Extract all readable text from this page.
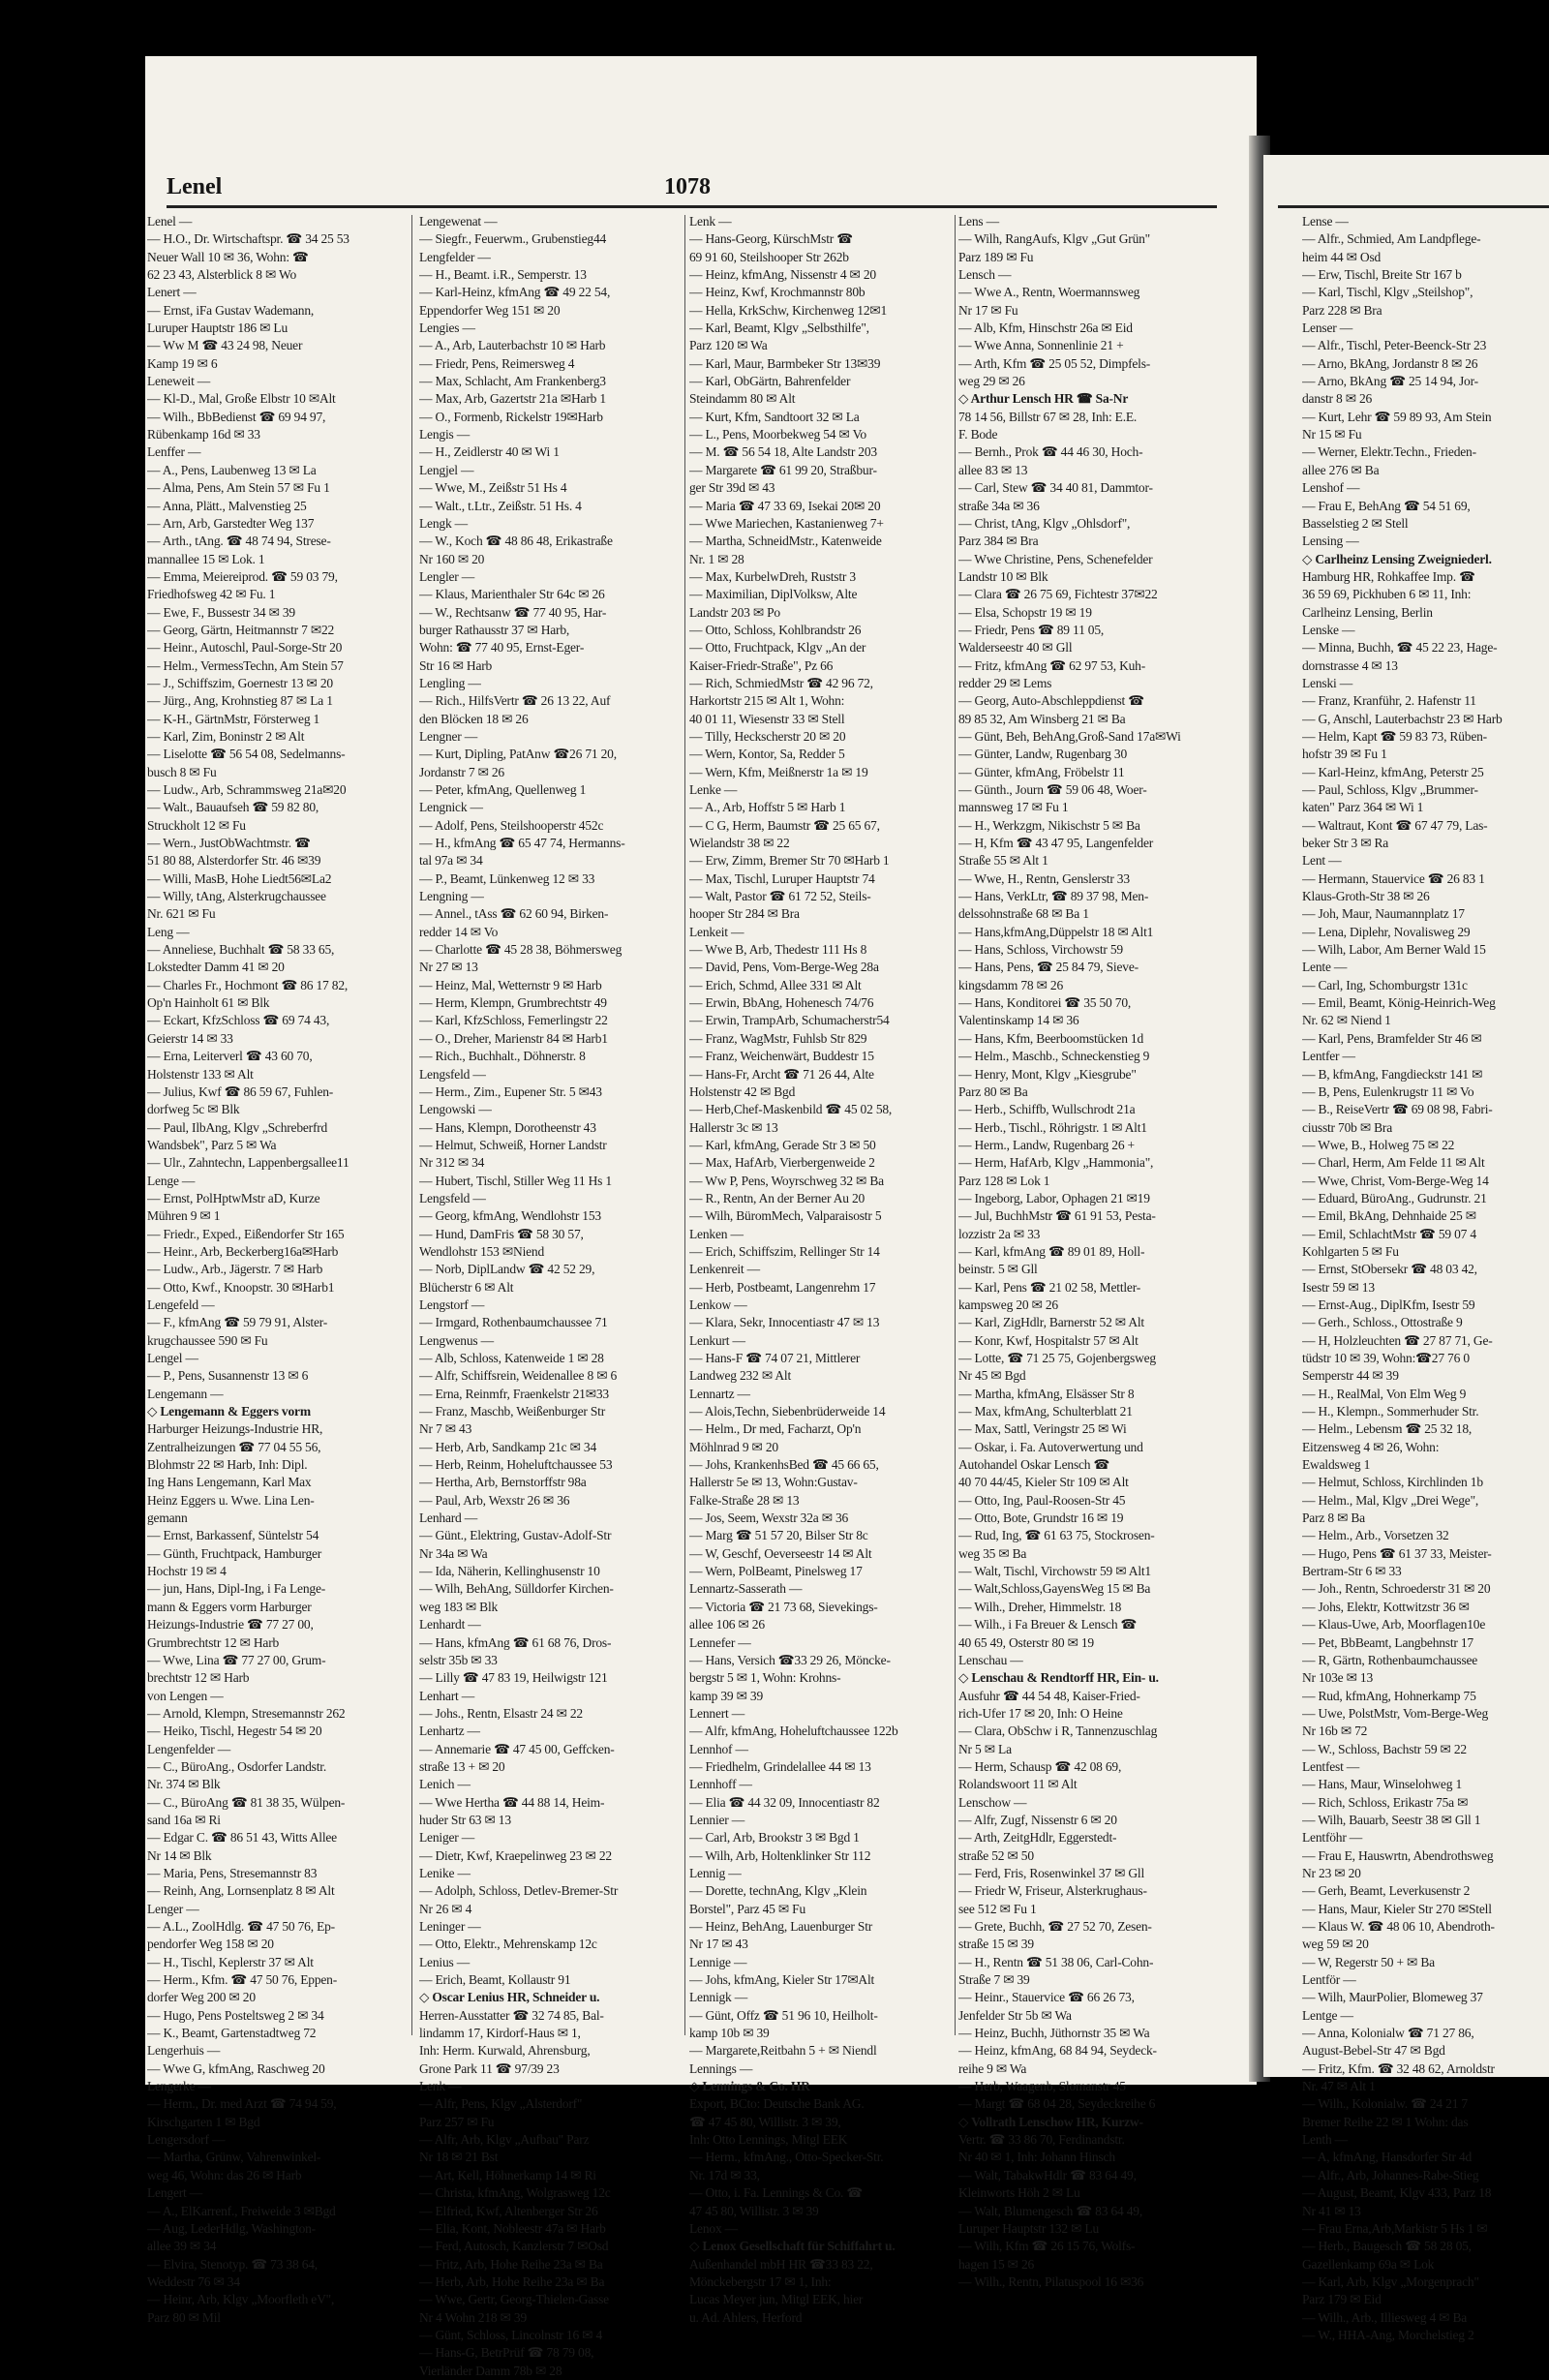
Lenel	1078
Lenel —
— H.O., Dr. Wirtschaftspr. ☎ 34 25 53
Neuer Wall 10 ✉ 36, Wohn: ☎
62 23 43, Alsterblick 8 ✉ Wo
Lenert —
— Ernst, iFa Gustav Wademann,
Luruper Hauptstr 186 ✉ Lu
— Ww M ☎ 43 24 98, Neuer
Kamp 19 ✉ 6
Leneweit —
— Kl-D., Mal, Große Elbstr 10 ✉Alt
— Wilh., BbBedienst ☎ 69 94 97,
Rübenkamp 16d ✉ 33
Lenffer —
— A., Pens, Laubenweg 13 ✉ La
— Alma, Pens, Am Stein 57 ✉ Fu 1
— Anna, Plätt., Malvenstieg 25
— Arn, Arb, Garstedter Weg 137
— Arth., tAng. ☎ 48 74 94, Strese-
mannallee 15 ✉ Lok. 1
— Emma, Meiereiprod. ☎ 59 03 79,
Friedhofsweg 42 ✉ Fu. 1
— Ewe, F., Bussestr 34 ✉ 39
— Georg, Gärtn, Heitmannstr 7 ✉22
— Heinr., Autoschl, Paul-Sorge-Str 20
— Helm., VermessTechn, Am Stein 57
— J., Schiffszim, Goernestr 13 ✉ 20
— Jürg., Ang, Krohnstieg 87 ✉ La 1
— K-H., GärtnMstr, Försterweg 1
— Karl, Zim, Boninstr 2 ✉ Alt
— Liselotte ☎ 56 54 08, Sedelmanns-
busch 8 ✉ Fu
— Ludw., Arb, Schrammsweg 21a✉20
— Walt., Bauaufseh ☎ 59 82 80,
Struckholt 12 ✉ Fu
— Wern., JustObWachtmstr. ☎
51 80 88, Alsterdorfer Str. 46 ✉39
— Willi, MasB, Hohe Liedt56✉La2
— Willy, tAng, Alsterkrugchaussee
Nr. 621 ✉ Fu
Leng —
— Anneliese, Buchhalt ☎ 58 33 65,
Lokstedter Damm 41 ✉ 20
— Charles Fr., Hochmont ☎ 86 17 82,
Op'n Hainholt 61 ✉ Blk
— Eckart, KfzSchloss ☎ 69 74 43,
Geierstr 14 ✉ 33
— Erna, Leiterverl ☎ 43 60 70,
Holstenstr 133 ✉ Alt
— Julius, Kwf ☎ 86 59 67, Fuhlen-
dorfweg 5c ✉ Blk
— Paul, IlbAng, Klgv „Schreberfrd
Wandsbek", Parz 5 ✉ Wa
— Ulr., Zahntechn, Lappenbergsallee11
Lenge —
— Ernst, PolHptwMstr aD, Kurze
Mühren 9 ✉ 1
— Friedr., Exped., Eißendorfer Str 165
— Heinr., Arb, Beckerberg16a✉Harb
— Ludw., Arb., Jägerstr. 7 ✉ Harb
— Otto, Kwf., Knoopstr. 30 ✉Harb1
Lengefeld —
— F., kfmAng ☎ 59 79 91, Alster-
krugchaussee 590 ✉ Fu
Lengel —
— P., Pens, Susannenstr 13 ✉ 6
Lengemann —
◇ Lengemann & Eggers vorm
Harburger Heizungs-Industrie HR,
Zentralheizungen ☎ 77 04 55 56,
Blohmstr 22 ✉ Harb, Inh: Dipl.
Ing Hans Lengemann, Karl Max
Heinz Eggers u. Wwe. Lina Len-
gemann
— Ernst, Barkassenf, Süntelstr 54
— Günth, Fruchtpack, Hamburger
Hochstr 19 ✉ 4
— jun, Hans, Dipl-Ing, i Fa Lenge-
mann & Eggers vorm Harburger
Heizungs-Industrie ☎ 77 27 00,
Grumbrechtstr 12 ✉ Harb
— Wwe, Lina ☎ 77 27 00, Grum-
brechtstr 12 ✉ Harb
von Lengen —
— Arnold, Klempn, Stresemannstr 262
— Heiko, Tischl, Hegestr 54 ✉ 20
Lengenfelder —
— C., BüroAng., Osdorfer Landstr.
Nr. 374 ✉ Blk
— C., BüroAng ☎ 81 38 35, Wülpen-
sand 16a ✉ Ri
— Edgar C. ☎ 86 51 43, Witts Allee
Nr 14 ✉ Blk
— Maria, Pens, Stresemannstr 83
— Reinh, Ang, Lornsenplatz 8 ✉ Alt
Lenger —
— A.L., ZoolHdlg. ☎ 47 50 76, Ep-
pendorfer Weg 158 ✉ 20
— H., Tischl, Keplerstr 37 ✉ Alt
— Herm., Kfm. ☎ 47 50 76, Eppen-
dorfer Weg 200 ✉ 20
— Hugo, Pens Posteltsweg 2 ✉ 34
— K., Beamt, Gartenstadtweg 72
Lengerhuis —
— Wwe G, kfmAng, Raschweg 20
Lengerke —
— Herm., Dr. med Arzt ☎ 74 94 59,
Kirschgarten 1 ✉ Bgd
Lengersdorf —
— Martha, Grünw, Vahrenwinkel-
weg 46, Wohn: das 26 ✉ Harb
Lengert —
— A., ElKarrenf., Freiweide 3 ✉Bgd
— Aug, LederHdlg, Washington-
allee 39 ✉ 34
— Elvira, Stenotyp. ☎ 73 38 64,
Weddestr 76 ✉ 34
— Heinr, Arb, Klgv „Moorfleth eV",
Parz 80 ✉ Mil
Lengewenat —
— Siegfr., Feuerwm., Grubenstieg44
Lengfelder —
— H., Beamt. i.R., Semperstr. 13
— Karl-Heinz, kfmAng ☎ 49 22 54,
Eppendorfer Weg 151 ✉ 20
Lengies —
— A., Arb, Lauterbachstr 10 ✉ Harb
— Friedr, Pens, Reimersweg 4
— Max, Schlacht, Am Frankenberg3
— Max, Arb, Gazertstr 21a ✉Harb 1
— O., Formenb, Rickelstr 19✉Harb
Lengis —
— H., Zeidlerstr 40 ✉ Wi 1
Lengjel —
— Wwe, M., Zeißstr 51 Hs 4
— Walt., t.Ltr., Zeißstr. 51 Hs. 4
Lengk —
— W., Koch ☎ 48 86 48, Erikastraße
Nr 160 ✉ 20
Lengler —
— Klaus, Marienthaler Str 64c ✉ 26
— W., Rechtsanw ☎ 77 40 95, Har-
burger Rathausstr 37 ✉ Harb,
Wohn: ☎ 77 40 95, Ernst-Eger-
Str 16 ✉ Harb
Lengling —
— Rich., HilfsVertr ☎ 26 13 22, Auf
den Blöcken 18 ✉ 26
Lengner —
— Kurt, Dipling, PatAnw ☎26 71 20,
Jordanstr 7 ✉ 26
— Peter, kfmAng, Quellenweg 1
Lengnick —
— Adolf, Pens, Steilshooperstr 452c
— H., kfmAng ☎ 65 47 74, Hermanns-
tal 97a ✉ 34
— P., Beamt, Lünkenweg 12 ✉ 33
Lengning —
— Annel., tAss ☎ 62 60 94, Birken-
redder 14 ✉ Vo
— Charlotte ☎ 45 28 38, Böhmersweg
Nr 27 ✉ 13
— Heinz, Mal, Wetternstr 9 ✉ Harb
— Herm, Klempn, Grumbrechtstr 49
— Karl, KfzSchloss, Femerlingstr 22
— O., Dreher, Marienstr 84 ✉ Harb1
— Rich., Buchhalt., Döhnerstr. 8
Lengsfeld —
— Herm., Zim., Eupener Str. 5 ✉43
Lengowski —
— Hans, Klempn, Dorotheenstr 43
— Helmut, Schweiß, Horner Landstr
Nr 312 ✉ 34
— Hubert, Tischl, Stiller Weg 11 Hs 1
Lengsfeld —
— Georg, kfmAng, Wendlohstr 153
— Hund, DamFris ☎ 58 30 57,
Wendlohstr 153 ✉Niend
— Norb, DiplLandw ☎ 42 52 29,
Blücherstr 6 ✉ Alt
Lengstorf —
— Irmgard, Rothenbaumchaussee 71
Lengwenus —
— Alb, Schloss, Katenweide 1 ✉ 28
— Alfr, Schiffsrein, Weidenallee 8 ✉ 6
— Erna, Reinmfr, Fraenkelstr 21✉33
— Franz, Maschb, Weißenburger Str
Nr 7 ✉ 43
— Herb, Arb, Sandkamp 21c ✉ 34
— Herb, Reinm, Hoheluftchaussee 53
— Hertha, Arb, Bernstorffstr 98a
— Paul, Arb, Wexstr 26 ✉ 36
Lenhard —
— Günt., Elektring, Gustav-Adolf-Str
Nr 34a ✉ Wa
— Ida, Näherin, Kellinghusenstr 10
— Wilh, BehAng, Sülldorfer Kirchen-
weg 183 ✉ Blk
Lenhardt —
— Hans, kfmAng ☎ 61 68 76, Dros-
selstr 35b ✉ 33
— Lilly ☎ 47 83 19, Heilwigstr 121
Lenhart —
— Johs., Rentn, Elsastr 24 ✉ 22
Lenhartz —
— Annemarie ☎ 47 45 00, Geffcken-
straße 13 + ✉ 20
Lenich —
— Wwe Hertha ☎ 44 88 14, Heim-
huder Str 63 ✉ 13
Leniger —
— Dietr, Kwf, Kraepelinweg 23 ✉ 22
Lenike —
— Adolph, Schloss, Detlev-Bremer-Str
Nr 26 ✉ 4
Leninger —
— Otto, Elektr., Mehrenskamp 12c
Lenius —
— Erich, Beamt, Kollaustr 91
◇ Oscar Lenius HR, Schneider u.
Herren-Ausstatter ☎ 32 74 85, Bal-
lindamm 17, Kirdorf-Haus ✉ 1,
Inh: Herm. Kurwald, Ahrensburg,
Grone Park 11 ☎ 97/39 23
Lenk —
— Alfr, Pens, Klgv „Alsterdorf"
Parz 257 ✉ Fu
— Alfr, Arb, Klgv „Aufbau" Parz
Nr 18 ✉ 21 Bst
— Art, Kell, Höhnerkamp 14 ✉ Ri
— Christa, kfmAng, Wolgrasweg 12c
— Elfried, Kwf, Altenberger Str 26
— Elia, Kont, Nobleestr 47a ✉ Harb
— Ferd, Autosch, Kanzlerstr 7 ✉Osd
— Fritz, Arb, Hohe Reihe 23a ✉ Ba
— Herb, Arb, Hohe Reihe 23a ✉ Ba
— Wwe, Gertr, Georg-Thielen-Gasse
Nr 4 Wohn 218 ✉ 39
— Günt, Schloss, Lincolnstr 16 ✉ 4
— Hans-G, BetrPrüf ☎ 78 79 08,
Vierländer Damm 78b ✉ 28
Lenk —
— Hans-Georg, KürschMstr ☎
69 91 60, Steilshooper Str 262b
— Heinz, kfmAng, Nissenstr 4 ✉ 20
— Heinz, Kwf, Krochmannstr 80b
— Hella, KrkSchw, Kirchenweg 12✉1
— Karl, Beamt, Klgv „Selbsthilfe",
Parz 120 ✉ Wa
— Karl, Maur, Barmbeker Str 13✉39
— Karl, ObGärtn, Bahrenfelder
Steindamm 80 ✉ Alt
— Kurt, Kfm, Sandtoort 32 ✉ La
— L., Pens, Moorbekweg 54 ✉ Vo
— M. ☎ 56 54 18, Alte Landstr 203
— Margarete ☎ 61 99 20, Straßbur-
ger Str 39d ✉ 43
— Maria ☎ 47 33 69, Isekai 20✉ 20
— Wwe Mariechen, Kastanienweg 7+
— Martha, SchneidMstr., Katenweide
Nr. 1 ✉ 28
— Max, KurbelwDreh, Ruststr 3
— Maximilian, DiplVolksw, Alte
Landstr 203 ✉ Po
— Otto, Schloss, Kohlbrandstr 26
— Otto, Fruchtpack, Klgv „An der
Kaiser-Friedr-Straße", Pz 66
— Rich, SchmiedMstr ☎ 42 96 72,
Harkortstr 215 ✉ Alt 1, Wohn:
40 01 11, Wiesenstr 33 ✉ Stell
— Tilly, Heckscherstr 20 ✉ 20
— Wern, Kontor, Sa, Redder 5
— Wern, Kfm, Meißnerstr 1a ✉ 19
Lenke —
— A., Arb, Hoffstr 5 ✉ Harb 1
— C G, Herm, Baumstr ☎ 25 65 67,
Wielandstr 38 ✉ 22
— Erw, Zimm, Bremer Str 70 ✉Harb 1
— Max, Tischl, Luruper Hauptstr 74
— Walt, Pastor ☎ 61 72 52, Steils-
hooper Str 284 ✉ Bra
Lenkeit —
— Wwe B, Arb, Thedestr 111 Hs 8
— David, Pens, Vom-Berge-Weg 28a
— Erich, Schmd, Allee 331 ✉ Alt
— Erwin, BbAng, Hohenesch 74/76
— Erwin, TrampArb, Schumacherstr54
— Franz, WagMstr, Fuhlsb Str 829
— Franz, Weichenwärt, Buddestr 15
— Hans-Fr, Archt ☎ 71 26 44, Alte
Holstenstr 42 ✉ Bgd
— Herb,Chef-Maskenbild ☎ 45 02 58,
Hallerstr 3c ✉ 13
— Karl, kfmAng, Gerade Str 3 ✉ 50
— Max, HafArb, Vierbergenweide 2
— Ww P, Pens, Woyrschweg 32 ✉ Ba
— R., Rentn, An der Berner Au 20
— Wilh, BüromMech, Valparaisostr 5
Lenken —
— Erich, Schiffszim, Rellinger Str 14
Lenkenreit —
— Herb, Postbeamt, Langenrehm 17
Lenkow —
— Klara, Sekr, Innocentiastr 47 ✉ 13
Lenkurt —
— Hans-F ☎ 74 07 21, Mittlerer
Landweg 232 ✉ Alt
Lennartz —
— Alois,Techn, Siebenbrüderweide 14
— Helm., Dr med, Facharzt, Op'n
Möhlnrad 9 ✉ 20
— Johs, KrankenhsBed ☎ 45 66 65,
Hallerstr 5e ✉ 13, Wohn:Gustav-
Falke-Straße 28 ✉ 13
— Jos, Seem, Wexstr 32a ✉ 36
— Marg ☎ 51 57 20, Bilser Str 8c
— W, Geschf, Oeverseestr 14 ✉ Alt
— Wern, PolBeamt, Pinelsweg 17
Lennartz-Sasserath —
— Victoria ☎ 21 73 68, Sievekings-
allee 106 ✉ 26
Lennefer —
— Hans, Versich ☎33 29 26, Möncke-
bergstr 5 ✉ 1, Wohn: Krohns-
kamp 39 ✉ 39
Lennert —
— Alfr, kfmAng, Hoheluftchaussee 122b
Lennhof —
— Friedhelm, Grindelallee 44 ✉ 13
Lennhoff —
— Elia ☎ 44 32 09, Innocentiastr 82
Lennier —
— Carl, Arb, Brookstr 3 ✉ Bgd 1
— Wilh, Arb, Holtenklinker Str 112
Lennig —
— Dorette, technAng, Klgv „Klein
Borstel", Parz 45 ✉ Fu
— Heinz, BehAng, Lauenburger Str
Nr 17 ✉ 43
Lennige —
— Johs, kfmAng, Kieler Str 17✉Alt
Lennigk —
— Günt, Offz ☎ 51 96 10, Heilholt-
kamp 10b ✉ 39
— Margarete,Reitbahn 5 + ✉ Niendl
Lennings —
◇ Lennings & Co. HR
Export, BCto: Deutsche Bank AG.
☎ 47 45 80, Willistr. 3 ✉ 39,
Inh: Otto Lennings, Mitgl EEK
— Herm., kfmAng., Otto-Specker-Str.
Nr. 17d ✉ 33,
— Otto, i. Fa. Lennings & Co. ☎
47 45 80, Willistr. 3 ✉ 39
Lenox —
◇ Lenox Gesellschaft für Schiffahrt u.
Außenhandel mbH HR ☎33 83 22,
Mönckebergstr 17 ✉ 1, Inh:
Lucas Meyer jun, Mitgl EEK, hier
u. Ad. Ahlers, Herford
Lens —
— Wilh, RangAufs, Klgv „Gut Grün"
Parz 189 ✉ Fu
Lensch —
— Wwe A., Rentn, Woermannsweg
Nr 17 ✉ Fu
— Alb, Kfm, Hinschstr 26a ✉ Eid
— Wwe Anna, Sonnenlinie 21 +
— Arth, Kfm ☎ 25 05 52, Dimpfels-
weg 29 ✉ 26
◇ Arthur Lensch HR ☎ Sa-Nr
78 14 56, Billstr 67 ✉ 28, Inh: E.E.
F. Bode
— Bernh., Prok ☎ 44 46 30, Hoch-
allee 83 ✉ 13
— Carl, Stew ☎ 34 40 81, Dammtor-
straße 34a ✉ 36
— Christ, tAng, Klgv „Ohlsdorf",
Parz 384 ✉ Bra
— Wwe Christine, Pens, Schenefelder
Landstr 10 ✉ Blk
— Clara ☎ 26 75 69, Fichtestr 37✉22
— Elsa, Schopstr 19 ✉ 19
— Friedr, Pens ☎ 89 11 05,
Walderseestr 40 ✉ Gll
— Fritz, kfmAng ☎ 62 97 53, Kuh-
redder 29 ✉ Lems
— Georg, Auto-Abschleppdienst ☎
89 85 32, Am Winsberg 21 ✉ Ba
— Günt, Beh, BehAng,Groß-Sand 17a✉Wi
— Günter, Landw, Rugenbarg 30
— Günter, kfmAng, Fröbelstr 11
— Günth., Journ ☎ 59 06 48, Woer-
mannsweg 17 ✉ Fu 1
— H., Werkzgm, Nikischstr 5 ✉ Ba
— H, Kfm ☎ 43 47 95, Langenfelder
Straße 55 ✉ Alt 1
— Wwe, H., Rentn, Genslerstr 33
— Hans, VerkLtr, ☎ 89 37 98, Men-
delssohnstraße 68 ✉ Ba 1
— Hans,kfmAng,Düppelstr 18 ✉ Alt1
— Hans, Schloss, Virchowstr 59
— Hans, Pens, ☎ 25 84 79, Sieve-
kingsdamm 78 ✉ 26
— Hans, Konditorei ☎ 35 50 70,
Valentinskamp 14 ✉ 36
— Hans, Kfm, Beerboomstücken 1d
— Helm., Maschb., Schneckenstieg 9
— Henry, Mont, Klgv „Kiesgrube"
Parz 80 ✉ Ba
— Herb., Schiffb, Wullschrodt 21a
— Herb., Tischl., Röhrigstr. 1 ✉ Alt1
— Herm., Landw, Rugenbarg 26 +
— Herm, HafArb, Klgv „Hammonia",
Parz 128 ✉ Lok 1
— Ingeborg, Labor, Ophagen 21 ✉19
— Jul, BuchhMstr ☎ 61 91 53, Pesta-
lozzistr 2a ✉ 33
— Karl, kfmAng ☎ 89 01 89, Holl-
beinstr. 5 ✉ Gll
— Karl, Pens ☎ 21 02 58, Mettler-
kampsweg 20 ✉ 26
— Karl, ZigHdlr, Barnerstr 52 ✉ Alt
— Konr, Kwf, Hospitalstr 57 ✉ Alt
— Lotte, ☎ 71 25 75, Gojenbergsweg
Nr 45 ✉ Bgd
— Martha, kfmAng, Elsässer Str 8
— Max, kfmAng, Schulterblatt 21
— Max, Sattl, Veringstr 25 ✉ Wi
— Oskar, i. Fa. Autoverwertung und
Autohandel Oskar Lensch ☎
40 70 44/45, Kieler Str 109 ✉ Alt
— Otto, Ing, Paul-Roosen-Str 45
— Otto, Bote, Grundstr 16 ✉ 19
— Rud, Ing, ☎ 61 63 75, Stockrosen-
weg 35 ✉ Ba
— Walt, Tischl, Virchowstr 59 ✉ Alt1
— Walt,Schloss,GayensWeg 15 ✉ Ba
— Wilh., Dreher, Himmelstr. 18
— Wilh., i Fa Breuer & Lensch ☎
40 65 49, Osterstr 80 ✉ 19
Lenschau —
◇ Lenschau & Rendtorff HR, Ein- u.
Ausfuhr ☎ 44 54 48, Kaiser-Fried-
rich-Ufer 17 ✉ 20, Inh: O Heine
— Clara, ObSchw i R, Tannenzuschlag
Nr 5 ✉ La
— Herm, Schausp ☎ 42 08 69,
Rolandswoort 11 ✉ Alt
Lenschow —
— Alfr, Zugf, Nissenstr 6 ✉ 20
— Arth, ZeitgHdlr, Eggerstedt-
straße 52 ✉ 50
— Ferd, Fris, Rosenwinkel 37 ✉ Gll
— Friedr W, Friseur, Alsterkrughaus-
see 512 ✉ Fu 1
— Grete, Buchh, ☎ 27 52 70, Zesen-
straße 15 ✉ 39
— H., Rentn ☎ 51 38 06, Carl-Cohn-
Straße 7 ✉ 39
— Heinr., Stauervice ☎ 66 26 73,
Jenfelder Str 5b ✉ Wa
— Heinz, Buchh, Jüthornstr 35 ✉ Wa
— Heinz, kfmAng, 68 84 94, Seydeck-
reihe 9 ✉ Wa
— Herb, Waagenb, Slomanstr 45
— Margt ☎ 68 04 28, Seydeckreihe 6
◇ Vollrath Lenschow HR, Kurzw-
Vertr. ☎ 33 86 70, Ferdinandstr.
Nr 40 ✉ 1, Inh: Johann Hinsch
— Walt, TabakwHdlr ☎ 83 64 49,
Kleinworts Höh 2 ✉ Lu
— Walt, Blumengesch ☎ 83 64 49,
Luruper Hauptstr 132 ✉ Lu
— Wilh, Kfm ☎ 26 15 76, Wolfs-
hagen 15 ✉ 26
— Wilh., Rentn, Pilatuspool 16 ✉36
Lense —
— Alfr., Schmied, Am Landpflege-
heim 44 ✉ Osd
— Erw, Tischl, Breite Str 167 b
— Karl, Tischl, Klgv „Steilshop",
Parz 228 ✉ Bra
Lenser —
— Alfr., Tischl, Peter-Beenck-Str 23
— Arno, BkAng, Jordanstr 8 ✉ 26
— Arno, BkAng ☎ 25 14 94, Jor-
danstr 8 ✉ 26
— Kurt, Lehr ☎ 59 89 93, Am Stein
Nr 15 ✉ Fu
— Werner, Elektr.Techn., Frieden-
allee 276 ✉ Ba
Lenshof —
— Frau E, BehAng ☎ 54 51 69,
Basselstieg 2 ✉ Stell
Lensing —
◇ Carlheinz Lensing Zweigniederl.
Hamburg HR, Rohkaffee Imp. ☎
36 59 69, Pickhuben 6 ✉ 11, Inh:
Carlheinz Lensing, Berlin
Lenske —
— Minna, Buchh, ☎ 45 22 23, Hage-
dornstrasse 4 ✉ 13
Lenski —
— Franz, Kranführ, 2. Hafenstr 11
— G, Anschl, Lauterbachstr 23 ✉ Harb
— Helm, Kapt ☎ 59 83 73, Rüben-
hofstr 39 ✉ Fu 1
— Karl-Heinz, kfmAng, Peterstr 25
— Paul, Schloss, Klgv „Brummer-
katen" Parz 364 ✉ Wi 1
— Waltraut, Kont ☎ 67 47 79, Las-
beker Str 3 ✉ Ra
Lent —
— Hermann, Stauervice ☎ 26 83 1
Klaus-Groth-Str 38 ✉ 26
— Joh, Maur, Naumannplatz 17
— Lena, Diplehr, Novalisweg 29
— Wilh, Labor, Am Berner Wald 15
Lente —
— Carl, Ing, Schomburgstr 131c
— Emil, Beamt, König-Heinrich-Weg
Nr. 62 ✉ Niend 1
— Karl, Pens, Bramfelder Str 46 ✉
Lentfer —
— B, kfmAng, Fangdieckstr 141 ✉
— B, Pens, Eulenkrugstr 11 ✉ Vo
— B., ReiseVertr ☎ 69 08 98, Fabri-
ciusstr 70b ✉ Bra
— Wwe, B., Holweg 75 ✉ 22
— Charl, Herm, Am Felde 11 ✉ Alt
— Wwe, Christ, Vom-Berge-Weg 14
— Eduard, BüroAng., Gudrunstr. 21
— Emil, BkAng, Dehnhaide 25 ✉
— Emil, SchlachtMstr ☎ 59 07 4
Kohlgarten 5 ✉ Fu
— Ernst, StObersekr ☎ 48 03 42,
Isestr 59 ✉ 13
— Ernst-Aug., DiplKfm, Isestr 59
— Gerh., Schloss., Ottostraße 9
— H, Holzleuchten ☎ 27 87 71, Ge-
tüdstr 10 ✉ 39, Wohn:☎27 76 0
Semperstr 44 ✉ 39
— H., RealMal, Von Elm Weg 9
— H., Klempn., Sommerhuder Str.
— Helm., Lebensm ☎ 25 32 18,
Eitzensweg 4 ✉ 26, Wohn:
Ewaldsweg 1
— Helmut, Schloss, Kirchlinden 1b
— Helm., Mal, Klgv „Drei Wege",
Parz 8 ✉ Ba
— Helm., Arb., Vorsetzen 32
— Hugo, Pens ☎ 61 37 33, Meister-
Bertram-Str 6 ✉ 33
— Joh., Rentn, Schroederstr 31 ✉ 20
— Johs, Elektr, Kottwitzstr 36 ✉
— Klaus-Uwe, Arb, Moorflagen10e
— Pet, BbBeamt, Langbehnstr 17
— R, Gärtn, Rothenbaumchaussee
Nr 103e ✉ 13
— Rud, kfmAng, Hohnerkamp 75
— Uwe, PolstMstr, Vom-Berge-Weg
Nr 16b ✉ 72
— W., Schloss, Bachstr 59 ✉ 22
Lentfest —
— Hans, Maur, Winselohweg 1
— Rich, Schloss, Erikastr 75a ✉
— Wilh, Bauarb, Seestr 38 ✉ Gll 1
Lentföhr —
— Frau E, Hauswrtn, Abendrothsweg
Nr 23 ✉ 20
— Gerh, Beamt, Leverkusenstr 2
— Hans, Maur, Kieler Str 270 ✉Stell
— Klaus W. ☎ 48 06 10, Abendroth-
weg 59 ✉ 20
— W, Regerstr 50 + ✉ Ba
Lentför —
— Wilh, MaurPolier, Blomeweg 37
Lentge —
— Anna, Kolonialw ☎ 71 27 86,
August-Bebel-Str 47 ✉ Bgd
— Fritz, Kfm. ☎ 32 48 62, Arnoldstr
Nr. 47 ✉ Alt 1
— Wilh., Kolonialw. ☎ 24 21 7
Bremer Reihe 22 ✉ 1 Wohn: das
Lenth —
— A, kfmAng, Hansdorfer Str 4d
— Alfr., Arb, Johannes-Rabe-Stieg
— August, Beamt, Klgv 433, Parz 18
Nr 41 ✉ 13
— Frau Erna,Arb,Markistr 5 Hs 1 ✉
— Herb., Baugesch ☎ 58 28 05,
Gazellenkamp 69a ✉ Lok
— Karl, Arb, Klgv „Morgenprach"
Parz 179 ✉ Eid
— Wilh., Arb., Illiesweg 4 ✉ Ba
— W., HHA-Ang, Morchelstieg 2
